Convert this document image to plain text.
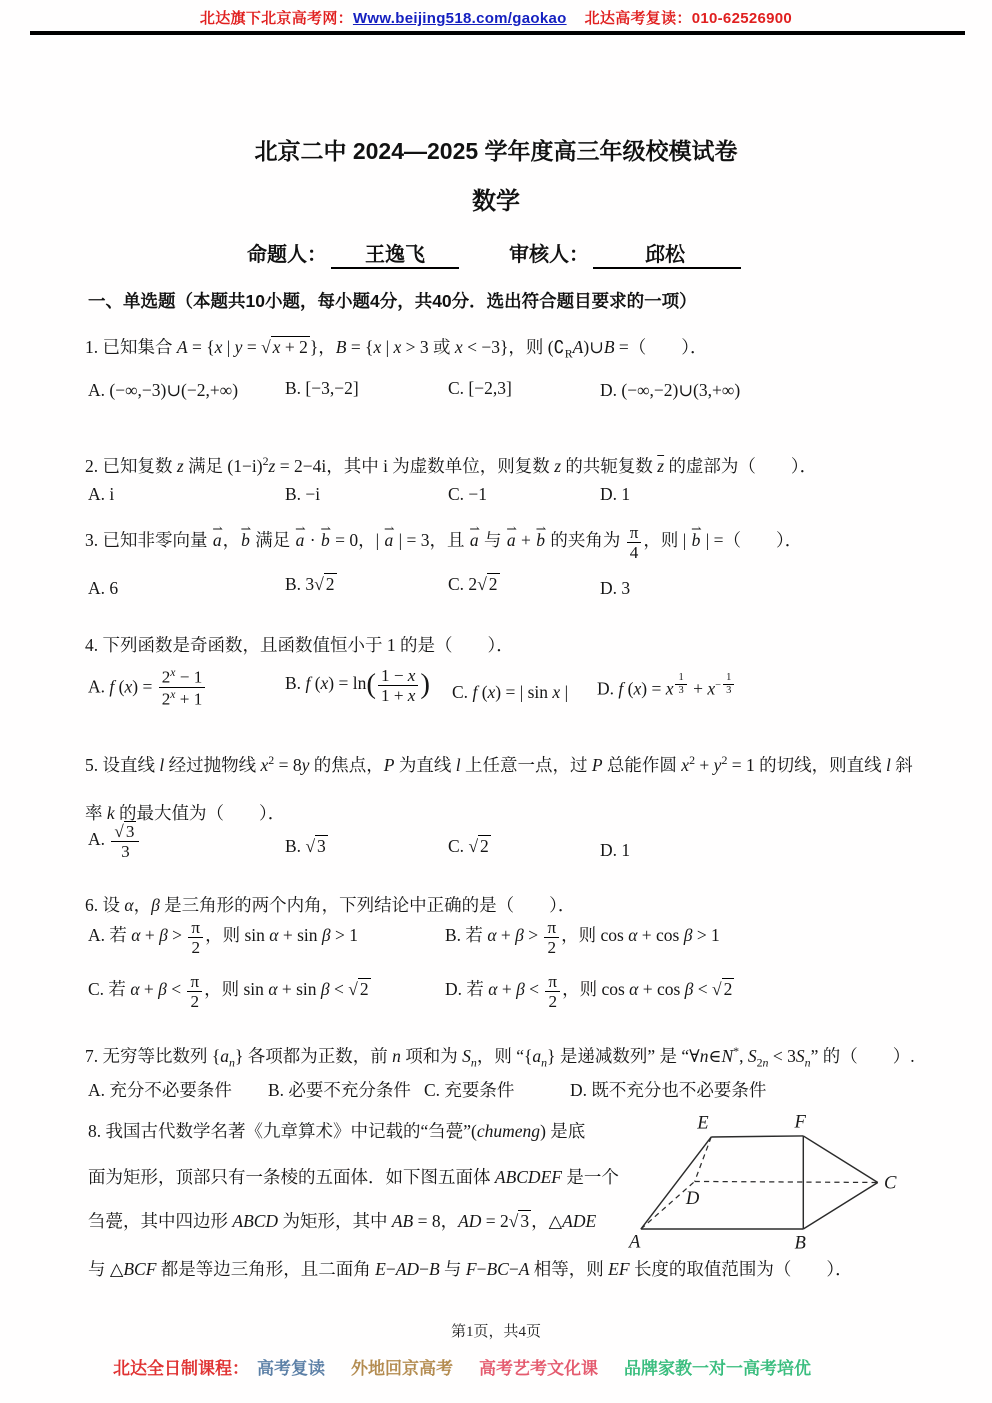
北达旗下北京高考网：Www.beijing518.com/gaokao 北达高考复读：010-62526900
北京二中 2024—2025 学年度高三年级校模试卷
数学
命题人： 王逸飞	审核人：	邱松
一、单选题（本题共10小题，每小题4分，共40分．选出符合题目要求的一项）
1. 已知集合 A = {x | y = √ x + 2 }，B = {x | x > 3 或 x < −3}，则 $(∁_RA)\cup B$ =（　　）．
A. (−∞,−3)∪(−2,+∞)	B. [−3,−2]	C. [−2,3]	D. (−∞,−2)∪(3,+∞)
2. 已知复数 z 满足 $(1-i)^2z = 2-4i$，其中 i 为虚数单位，则复数 z 的共轭复数 $\overline{z}$ 的虚部为（　　）．
A. i	B. −i	C. −1	D. 1
3. 已知非零向量 a ⇀，b ⇀ 满足 a ⇀ · b ⇀ = 0，| a ⇀ | = 3，且 a ⇀ 与 a ⇀ + b ⇀ 的夹角为 $\frac{\pi}{4}$ ，则 | b ⇀ | =（　　）．
A. 6	B. 3√ 2	C. 2√ 2	D. 3
4. 下列函数是奇函数，且函数值恒小于 1 的是（　　）．
A. f $(x) = \frac{2^x - 1}{2^x + 1}$	B. f $(x) = \ln( \frac{1 - x}{1 + x}$ ) C. f (x) = | sin x | D. f (x) = x $^{\frac{1}{3}} + x^{- \frac{1}{3}}$
5. 设直线 l 经过抛物线 $x^2 = 8y$ 的焦点，P 为直线 l 上任意一点，过 P 总能作圆 $x^2 + y^2 = 1$ 的切线，则直线 l 斜率 k 的最大值为（　　）．
A. $\frac{√ 3}{3}$	B. √ 3	C. √ 2	D. 1
6. 设 α，β 是三角形的两个内角，下列结论中正确的是（　　）．
A. 若 $\alpha + \beta > \frac{\pi}{2}$ ，则 sin α + sin β > 1	B. 若 $\alpha + \beta > \frac{\pi}{2}$ ，则 cos α + cos β > 1
C. 若 $\alpha + \beta < \frac{\pi}{2}$ ，则 sin α + sin β < √ 2	D. 若 $\alpha + \beta < \frac{\pi}{2}$ ，则 cos α + cos β < √ 2
7. 无穷等比数列 $\{a_n\}$ 各项都为正数，前 n 项和为 $S_n$，则 “$\{a_n\}$ 是递减数列” 是 “∀n∈N*, $S_{2n} < 3S_n$” 的（　　）.
A. 充分不必要条件 B. 必要不充分条件 C. 充要条件	D. 既不充分也不必要条件
8. 我国古代数学名著《九章算术》中记载的“刍甍”(chumeng) 是底
面为矩形，顶部只有一条棱的五面体．如下图五面体 ABCDEF 是一个
刍甍，其中四边形 ABCD 为矩形，其中 AB = 8，AD = 2√ 3 ，△ADE
与 △BCF 都是等边三角形，且二面角 E−AD−B 与 F−BC−A 相等，则 EF 长度的取值范围为（　　）．
E	F
C
D
A	B
第1页，共4页
北达全日制课程： 高考复读 外地回京高考 高考艺考文化课 品牌家教一对一高考培优
